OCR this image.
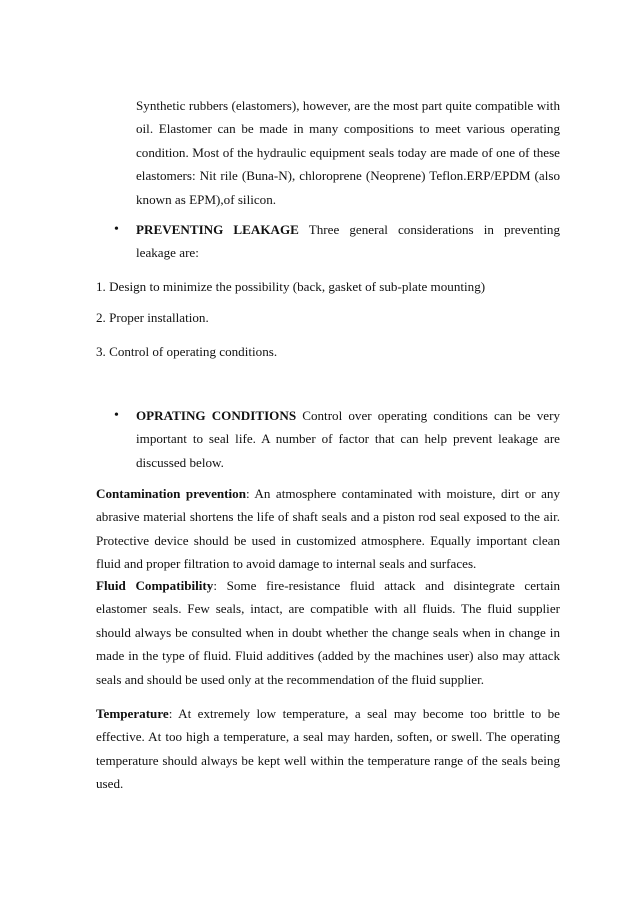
Synthetic rubbers (elastomers), however, are the most part quite compatible with oil. Elastomer can be made in many compositions to meet various operating condition. Most of the hydraulic equipment seals today are made of one of these elastomers: Nit rile (Buna-N), chloroprene (Neoprene) Teflon.ERP/EPDM (also known as EPM),of silicon.

• PREVENTING LEAKAGE Three general considerations in preventing leakage are:

1. Design to minimize the possibility (back, gasket of sub-plate mounting)

2. Proper installation.

3. Control of operating conditions.

• OPRATING CONDITIONS Control over operating conditions can be very important to seal life. A number of factor that can help prevent leakage are discussed below.

Contamination prevention: An atmosphere contaminated with moisture, dirt or any abrasive material shortens the life of shaft seals and a piston rod seal exposed to the air. Protective device should be used in customized atmosphere. Equally important clean fluid and proper filtration to avoid damage to internal seals and surfaces.

Fluid Compatibility: Some fire-resistance fluid attack and disintegrate certain elastomer seals. Few seals, intact, are compatible with all fluids. The fluid supplier should always be consulted when in doubt whether the change seals when in change in made in the type of fluid. Fluid additives (added by the machines user) also may attack seals and should be used only at the recommendation of the fluid supplier.

Temperature: At extremely low temperature, a seal may become too brittle to be effective. At too high a temperature, a seal may harden, soften, or swell. The operating temperature should always be kept well within the temperature range of the seals being used.
